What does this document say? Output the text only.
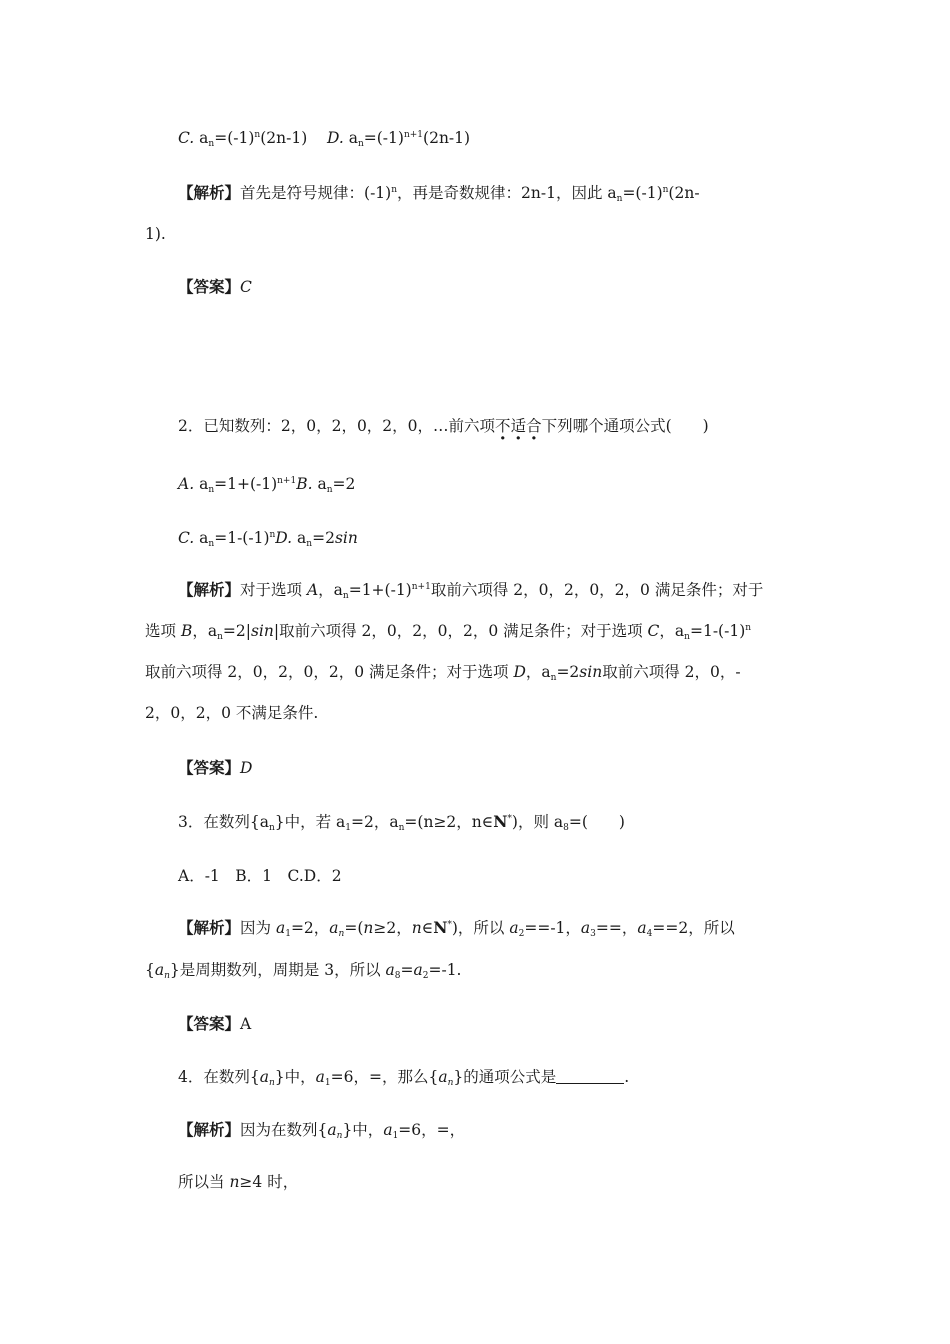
C. $a_n=(-1)^n(2n-1)$ D. $a_n=(-1)^{n+1}(2n-1)$
【解析】首先是符号规律：$(-1)^n$，再是奇数规律：2n-1，因此 $a_n=(-1)^n(2n-$
1).
【答案】C
2．已知数列：2，0，2，0，2，0，…前六项不适合下列哪个通项公式(　　)
A. $a_n=1+(-1)^{n+1}B$. $a_n=2$
C. $a_n=1-(-1)^nD$. $a_n=2\sin$
【解析】对于选项 A，$a_n=1+(-1)^{n+1}$取前六项得 2，0，2，0，2，0 满足条件；对于
选项 B，$a_n=2|\sin|$取前六项得 2，0，2，0，2，0 满足条件；对于选项 C，$a_n=1-(-1)^n$
取前六项得 2，0，2，0，2，0 满足条件；对于选项 D，$a_n=2\sin$取前六项得 2，0，-
2，0，2，0 不满足条件.
【答案】D
3．在数列$\{a_n\}$中，若 $a_1=2$，$a_n=(n\ge 2$，n∈N*)，则 $a_8=$(　　)
A．-1　B．1　C.D．2
【解析】因为 $a_1=2$，$a_n=(n\ge 2$，n∈N*)，所以 $a_2==-1$，$a_3==$，$a_4==2$，所以
$\{a_n\}$是周期数列，周期是 3，所以 $a_8=a_2=-1$.
【答案】A
4．在数列$\{a_n\}$中，$a_1=6$，=，那么$\{a_n\}$的通项公式是	.
【解析】因为在数列$\{a_n\}$中，$a_1=6$，=，
所以当 n≥4 时，
